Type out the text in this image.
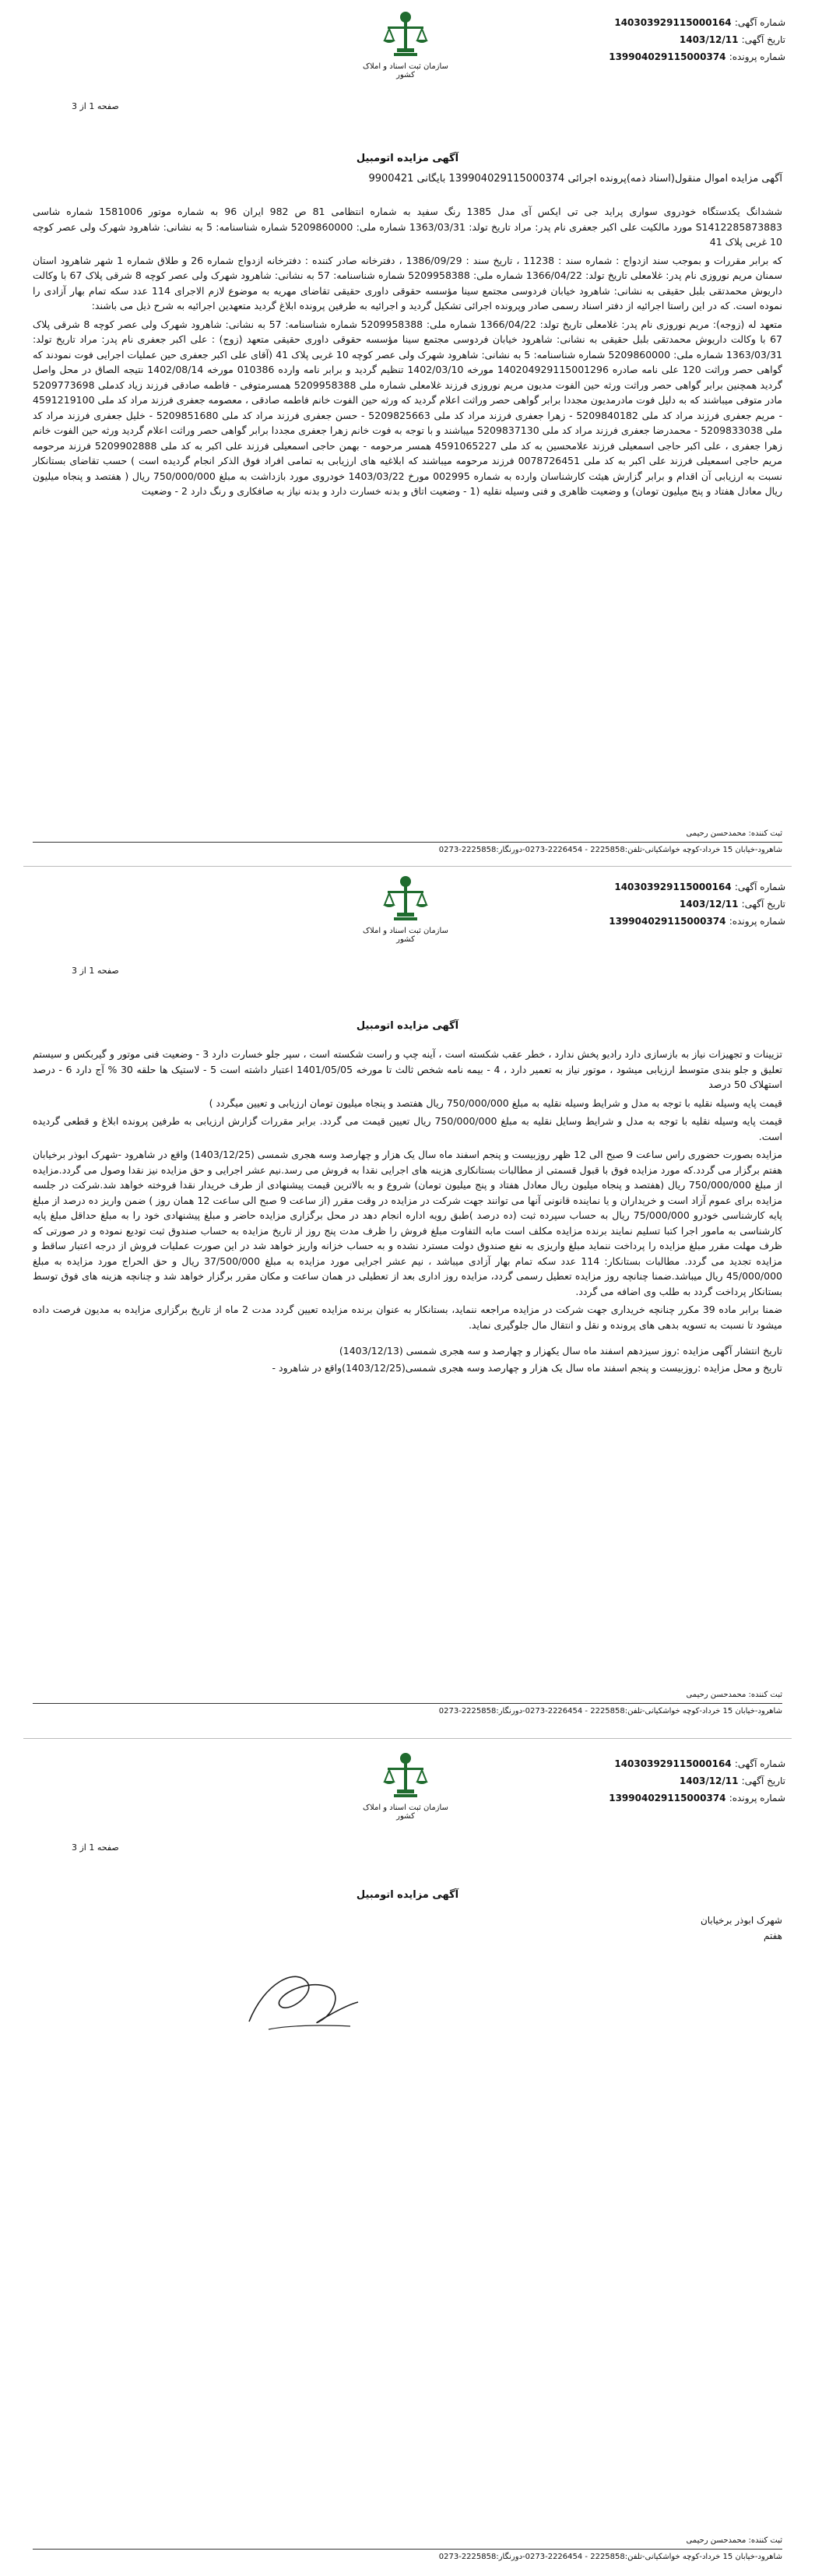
سازمان ثبت اسناد و املاک کشور
شماره آگهی: 140303929115000164
تاریخ آگهی: 1403/12/11
شماره پرونده: 139904029115000374
صفحه 1 از 3
آگهی مزایده اتومبیل
آگهی مزایده اموال منقول(اسناد ذمه)پرونده اجرائی 139904029115000374 بایگانی 9900421

ششدانگ یکدستگاه خودروی سواری پراید جی تی ایکس آی مدل 1385 رنگ سفید به شماره انتظامی 81 ص 982 ایران 96 به شماره موتور 1581006 شماره شاسی S1412285873883 مورد مالکیت علی اکبر جعفری نام پدر: مراد تاریخ تولد: 1363/03/31 شماره ملی: 5209860000 شماره شناسنامه: 5 به نشانی: شاهرود شهرک ولی عصر کوچه 10 غربی پلاک 41

که برابر مقررات و بموجب سند ازدواج : شماره سند : 11238 ، تاریخ سند : 1386/09/29 ، دفترخانه صادر کننده : دفترخانه ازدواج شماره 26 و طلاق شماره 1 شهر شاهرود استان سمنان مریم نوروزی نام پدر: غلامعلی تاریخ تولد: 1366/04/22 شماره ملی: 5209958388 شماره شناسنامه: 57 به نشانی: شاهرود شهرک ولی عصر کوچه 8 شرقی پلاک 67 با وکالت داریوش محمدتقی بلبل حقیقی به نشانی: شاهرود خیابان فردوسی مجتمع سینا مؤسسه حقوقی داوری حقیقی تقاضای مهریه به موضوع لازم الاجرای 114 عدد سکه تمام بهار آزادی را نموده است. که در این راستا اجرائیه از دفتر اسناد رسمی صادر وپرونده اجرائی تشکیل گردید و اجرائیه به طرفین پرونده ابلاغ گردید متعهدین اجرائیه به شرح ذیل می باشند:

متعهد له (زوجه): مریم نوروزی نام پدر: غلامعلی تاریخ تولد: 1366/04/22 شماره ملی: 5209958388 شماره شناسنامه: 57 به نشانی: شاهرود شهرک ولی عصر کوچه 8 شرقی پلاک 67 با وکالت داریوش محمدتقی بلبل حقیقی به نشانی: شاهرود خیابان فردوسی مجتمع سینا مؤسسه حقوقی داوری حقیقی متعهد (زوج) : علی اکبر جعفری نام پدر: مراد تاریخ تولد: 1363/03/31 شماره ملی: 5209860000 شماره شناسنامه: 5 به نشانی: شاهرود شهرک ولی عصر کوچه 10 غربی پلاک 41 (آقای علی اکبر جعفری حین عملیات اجرایی فوت نمودند که گواهی حصر وراثت 120 علی نامه صادره 140204929115001296 مورخه 1402/03/10 تنظیم گردید و برابر نامه وارده 010386 مورخه 1402/08/14 نتیجه الصاق در محل واصل گردید همچنین برابر گواهی حصر وراثت ورثه حین الفوت مدیون مریم نوروزی فرزند غلامعلی شماره ملی 5209958388 همسرمتوفی - فاطمه صادقی فرزند زیاد کدملی 5209773698 مادر متوفی میباشند که به دلیل فوت مادرمدیون مجددا برابر گواهی حصر وراثت اعلام گردید که ورثه حین الفوت خانم فاطمه صادقی ، معصومه جعفری فرزند مراد کد ملی 4591219100 - مریم جعفری فرزند مراد کد ملی 5209840182 - زهرا جعفری فرزند مراد کد ملی 5209825663 - حسن جعفری فرزند مراد کد ملی 5209851680 - خلیل جعفری فرزند مراد کد ملی 5209833038 - محمدرضا جعفری فرزند مراد کد ملی 5209837130 میباشند و با توجه به فوت خانم زهرا جعفری مجددا برابر گواهی حصر وراثت اعلام گردید ورثه حین الفوت خانم زهرا جعفری ، علی اکبر حاجی اسمعیلی فرزند علامحسین به کد ملی 4591065227 همسر مرحومه - بهمن حاجی اسمعیلی فرزند علی اکبر به کد ملی 5209902888 فرزند مرحومه مریم حاجی اسمعیلی فرزند علی اکبر به کد ملی 0078726451 فرزند مرحومه میباشند که ابلاغیه های ارزیابی به تمامی افراد فوق الذکر انجام گردیده است ) حسب تقاضای بستانکار نسبت به ارزیابی آن اقدام و برابر گزارش هیئت کارشناسان وارده به شماره 002995 مورخ 1403/03/22 خودروی مورد بازداشت به مبلغ 750/000/000 ریال ( هفتصد و پنجاه میلیون ریال معادل هفتاد و پنج میلیون تومان) و وضعیت ظاهری و فنی وسیله نقلیه (1 - وضعیت اتاق و بدنه خسارت دارد و بدنه نیاز به صافکاری و رنگ دارد 2 - وضعیت

ثبت کننده: محمدحسن رحیمی
شاهرود-خیابان 15 خرداد-کوچه خواشکیانی-تلفن:2225858 - 2226454-0273-دورنگار:2225858-0273
سازمان ثبت اسناد و املاک کشور
شماره آگهی: 140303929115000164
تاریخ آگهی: 1403/12/11
شماره پرونده: 139904029115000374
صفحه 1 از 3
آگهی مزایده اتومبیل

تزیینات و تجهیزات نیاز به بازسازی دارد رادیو پخش ندارد ، خطر عقب شکسته است ، آینه چپ و راست شکسته است ، سپر جلو خسارت دارد 3 - وضعیت فنی موتور و گیربکس و سیستم تعلیق و جلو بندی متوسط ارزیابی میشود ، موتور نیاز به تعمیر دارد ، 4 - بیمه نامه شخص ثالث تا مورخه 1401/05/05 اعتبار داشته است 5 - لاستیک ها حلقه 30 % آج دارد 6 - درصد استهلاک 50 درصد

قیمت پایه وسیله نقلیه با توجه به مدل و شرایط وسیله نقلیه به مبلغ 750/000/000 ریال هفتصد و پنجاه میلیون تومان ارزیابی و تعیین میگردد )

قیمت پایه وسیله نقلیه با توجه به مدل و شرایط وسایل نقلیه به مبلغ 750/000/000 ریال تعیین قیمت می گردد. برابر مقررات گزارش ارزیابی به طرفین پرونده ابلاغ و قطعی گردیده است.

مزایده بصورت حضوری راس ساعت 9 صبح الی 12 ظهر روزبیست و پنجم اسفند ماه سال یک هزار و چهارصد وسه هجری شمسی (1403/12/25) واقع در شاهرود -شهرک ابوذر برخیابان هفتم برگزار می گردد.که مورد مزایده فوق با قبول قسمتی از مطالبات بستانکاری هزینه های اجرایی نقدا به فروش می رسد.نیم عشر اجرایی و حق مزایده نیز نقدا وصول می گردد.مزایده از مبلغ 750/000/000 ریال (هفتصد و پنجاه میلیون ریال معادل هفتاد و پنج میلیون تومان) شروع و به بالاترین قیمت پیشنهادی از طرف خریدار نقدا فروخته خواهد شد.شرکت در جلسه مزایده برای عموم آزاد است و خریداران و یا نماینده قانونی آنها می توانند جهت شرکت در مزایده در وقت مقرر (از ساعت 9 صبح الی ساعت 12 همان روز ) ضمن واریز ده درصد از مبلغ پایه کارشناسی خودرو 75/000/000 ریال به حساب سپرده ثبت (ده درصد )طبق رویه اداره انجام دهد در محل برگزاری مزایده حاضر و مبلغ پیشنهادی خود را به مبلغ حداقل مبلغ پایه کارشناسی به مامور اجرا کتبا تسلیم نمایند برنده مزایده مکلف است مابه التفاوت مبلغ فروش را ظرف مدت پنج روز از تاریخ مزایده به حساب صندوق ثبت تودیع نموده و در صورتی که ظرف مهلت مقرر مبلغ مزایده را پرداخت ننماید مبلغ واریزی به نفع صندوق دولت مسترد نشده و به حساب خزانه واریز خواهد شد در این صورت عملیات فروش از درجه اعتبار ساقط و مزایده تجدید می گردد. مطالبات بستانکار: 114 عدد سکه تمام بهار آزادی میباشد ، نیم عشر اجرایی مورد مزایده به مبلغ 37/500/000 ریال و حق الحراج مورد مزایده به مبلغ 45/000/000 ریال میباشد.ضمنا چنانچه روز مزایده تعطیل رسمی گردد، مزایده روز اداری بعد از تعطیلی در همان ساعت و مکان مقرر برگزار خواهد شد و چنانچه هزینه های فوق توسط بستانکار پرداخت گردد به طلب وی اضافه می گردد.

ضمنا برابر ماده 39 مکرر چنانچه خریداری جهت شرکت در مزایده مراجعه ننماید، بستانکار به عنوان برنده مزایده تعیین گردد مدت 2 ماه از تاریخ برگزاری مزایده به مدیون فرصت داده میشود تا نسبت به تسویه بدهی های پرونده و نقل و انتقال مال جلوگیری نماید.

تاریخ انتشار آگهی مزایده :روز سیزدهم اسفند ماه سال یکهزار و چهارصد و سه هجری شمسی (1403/12/13)

تاریخ و محل مزایده :روزبیست و پنجم اسفند ماه سال یک هزار و چهارصد وسه هجری شمسی(1403/12/25)واقع در شاهرود -

ثبت کننده: محمدحسن رحیمی
شاهرود-خیابان 15 خرداد-کوچه خواشکیانی-تلفن:2225858 - 2226454-0273-دورنگار:2225858-0273
سازمان ثبت اسناد و املاک کشور
شماره آگهی: 140303929115000164
تاریخ آگهی: 1403/12/11
شماره پرونده: 139904029115000374
صفحه 1 از 3
آگهی مزایده اتومبیل
شهرک ابوذر برخیابان
هفتم
ثبت کننده: محمدحسن رحیمی
شاهرود-خیابان 15 خرداد-کوچه خواشکیانی-تلفن:2225858 - 2226454-0273-دورنگار:2225858-0273
